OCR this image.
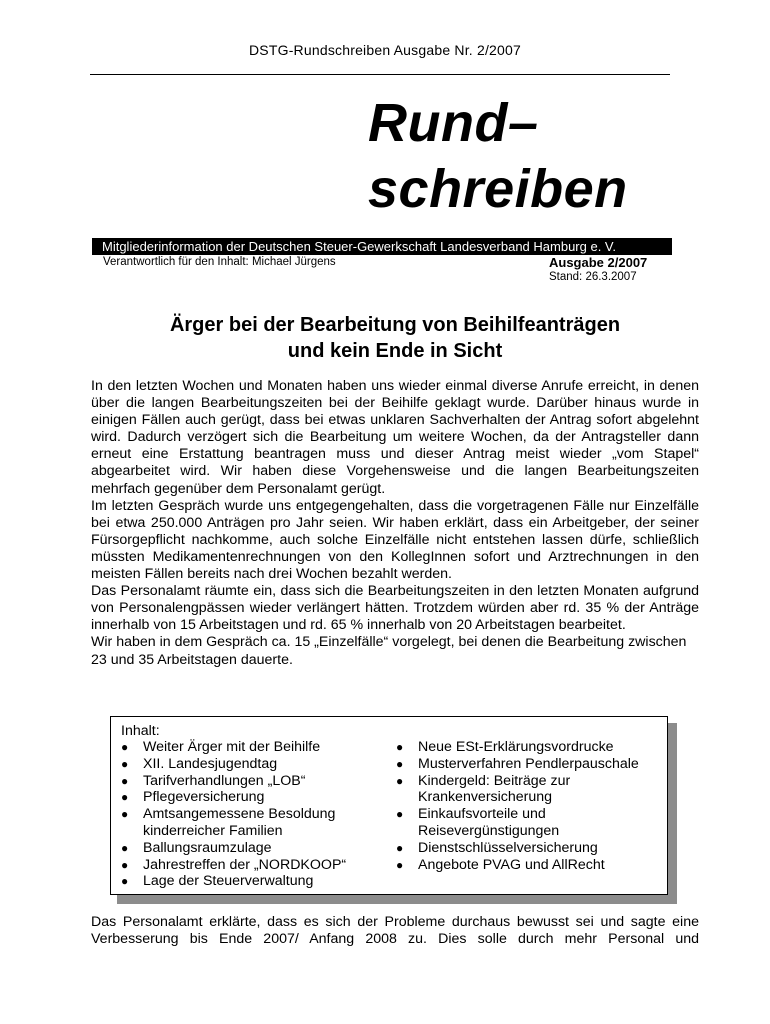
DSTG-Rundschreiben Ausgabe Nr. 2/2007
Rund–
schreiben
Mitgliederinformation der Deutschen Steuer-Gewerkschaft Landesverband Hamburg e. V.
Verantwortlich für den Inhalt: Michael Jürgens	Ausgabe 2/2007
Stand: 26.3.2007
Ärger bei der Bearbeitung von Beihilfeanträgen
und kein Ende in Sicht

In den letzten Wochen und Monaten haben uns wieder einmal diverse Anrufe erreicht, in denen über die langen Bearbeitungszeiten bei der Beihilfe geklagt wurde. Darüber hinaus wurde in einigen Fällen auch gerügt, dass bei etwas unklaren Sachverhalten der Antrag sofort abgelehnt wird. Dadurch verzögert sich die Bearbeitung um weitere Wochen, da der Antragsteller dann erneut eine Erstattung beantragen muss und dieser Antrag meist wieder „vom Stapel“ abgearbeitet wird. Wir haben diese Vorgehensweise und die langen Bearbeitungszeiten mehrfach gegenüber dem Personalamt gerügt.

Im letzten Gespräch wurde uns entgegengehalten, dass die vorgetragenen Fälle nur Einzelfälle bei etwa 250.000 Anträgen pro Jahr seien. Wir haben erklärt, dass ein Arbeitgeber, der seiner Fürsorgepflicht nachkomme, auch solche Einzelfälle nicht entstehen lassen dürfe, schließlich müssten Medikamentenrechnungen von den KollegInnen sofort und Arztrechnungen in den meisten Fällen bereits nach drei Wochen bezahlt werden.

Das Personalamt räumte ein, dass sich die Bearbeitungszeiten in den letzten Monaten aufgrund von Personalengpässen wieder verlängert hätten. Trotzdem würden aber rd. 35 % der Anträge innerhalb von 15 Arbeitstagen und rd. 65 % innerhalb von 20 Arbeitstagen bearbeitet.

Wir haben in dem Gespräch ca. 15 „Einzelfälle“ vorgelegt, bei denen die Bearbeitung zwischen 23 und 35 Arbeitstagen dauerte.

Inhalt:
● Weiter Ärger mit der Beihilfe
● XII. Landesjugendtag
● Tarifverhandlungen „LOB“
● Pflegeversicherung
● Amtsangemessene Besoldung kinderreicher Familien
● Ballungsraumzulage
● Jahrestreffen der „NORDKOOP“
● Lage der Steuerverwaltung
● Neue ESt-Erklärungsvordrucke
● Musterverfahren Pendlerpauschale
● Kindergeld: Beiträge zur Krankenversicherung
● Einkaufsvorteile und Reisevergünstigungen
● Dienstschlüsselversicherung
● Angebote PVAG und AllRecht

Das Personalamt erklärte, dass es sich der Probleme durchaus bewusst sei und sagte eine Verbesserung bis Ende 2007/ Anfang 2008 zu. Dies solle durch mehr Personal und
